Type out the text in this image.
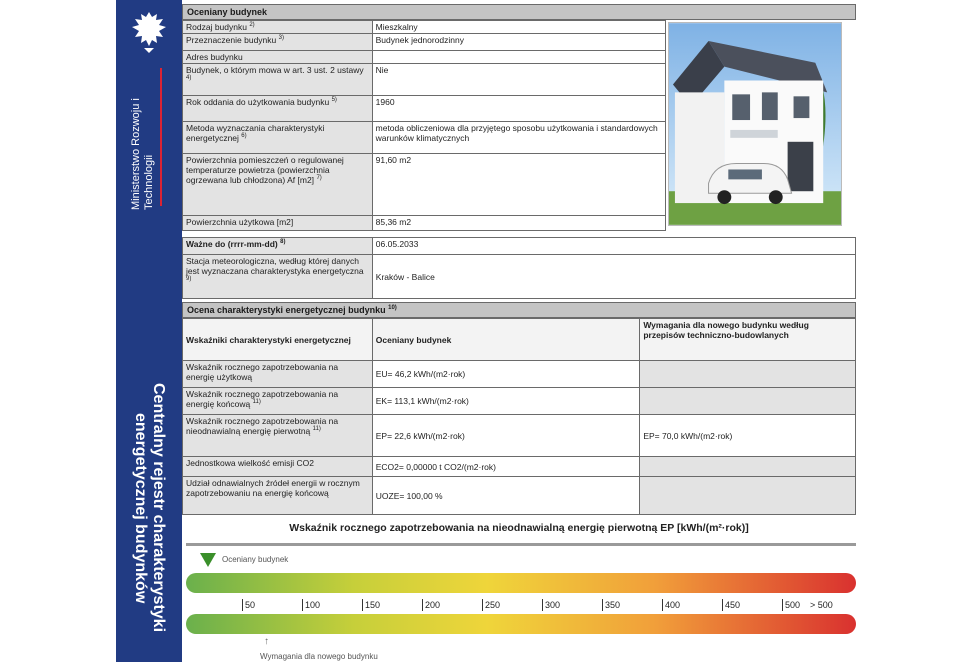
Ministerstwo Rozwoju i Technologii
Centralny rejestr charakterystyki energetycznej budynków
Oceniany budynek
Rodzaj budynku $^{2)}$	Mieszkalny
Przeznaczenie budynku $^{3)}$	Budynek jednorodzinny
Adres budynku	
Budynek, o którym mowa w art. 3 ust. 2 ustawy $^{4)}$	Nie
Rok oddania do użytkowania budynku $^{5)}$	1960
Metoda wyznaczania charakterystyki energetycznej $^{6)}$	metoda obliczeniowa dla przyjętego sposobu użytkowania i standardowych warunków klimatycznych
Powierzchnia pomieszczeń o regulowanej temperaturze powietrza (powierzchnia ogrzewana lub chłodzona) Af [m2] $^{7)}$	91,60 m2
Powierzchnia użytkowa [m2]	85,36 m2
Ważne do (rrrr-mm-dd) $^{8)}$	06.05.2033
Stacja meteorologiczna, według której danych jest wyznaczana charakterystyka energetyczna $^{9)}$	Kraków - Balice
Ocena charakterystyki energetycznej budynku $^{10)}$
Wskaźniki charakterystyki energetycznej	Oceniany budynek	Wymagania dla nowego budynku według przepisów techniczno-budowlanych
Wskaźnik rocznego zapotrzebowania na energię użytkową	EU= 46,2 kWh/(m2·rok)	
Wskaźnik rocznego zapotrzebowania na energię końcową $^{11)}$	EK= 113,1 kWh/(m2·rok)	
Wskaźnik rocznego zapotrzebowania na nieodnawialną energię pierwotną $^{11)}$	EP= 22,6 kWh/(m2·rok)	EP= 70,0 kWh/(m2·rok)
Jednostkowa wielkość emisji CO2	ECO2= 0,00000 t CO2/(m2·rok)	
Udział odnawialnych źródeł energii w rocznym zapotrzebowaniu na energię końcową	UOZE= 100,00 %	
Wskaźnik rocznego zapotrzebowania na nieodnawialną energię pierwotną EP [kWh/(m²·rok)]
Oceniany budynek
50	100	150	200	250	300	350	400	450	500 > 500
↑
Wymagania dla nowego budynku
